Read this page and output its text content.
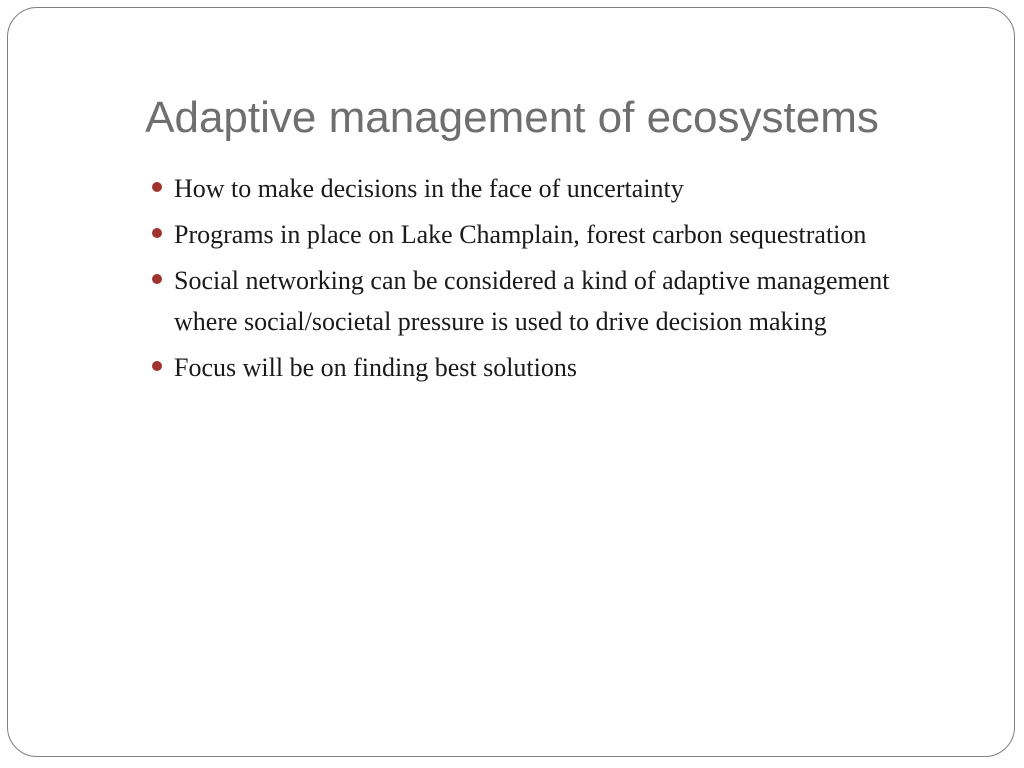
Adaptive management of ecosystems
How to make decisions in the face of uncertainty
Programs in place on Lake Champlain, forest carbon sequestration
Social networking can be considered a kind of adaptive management where social/societal pressure is used to drive decision making
Focus will be on finding best solutions
